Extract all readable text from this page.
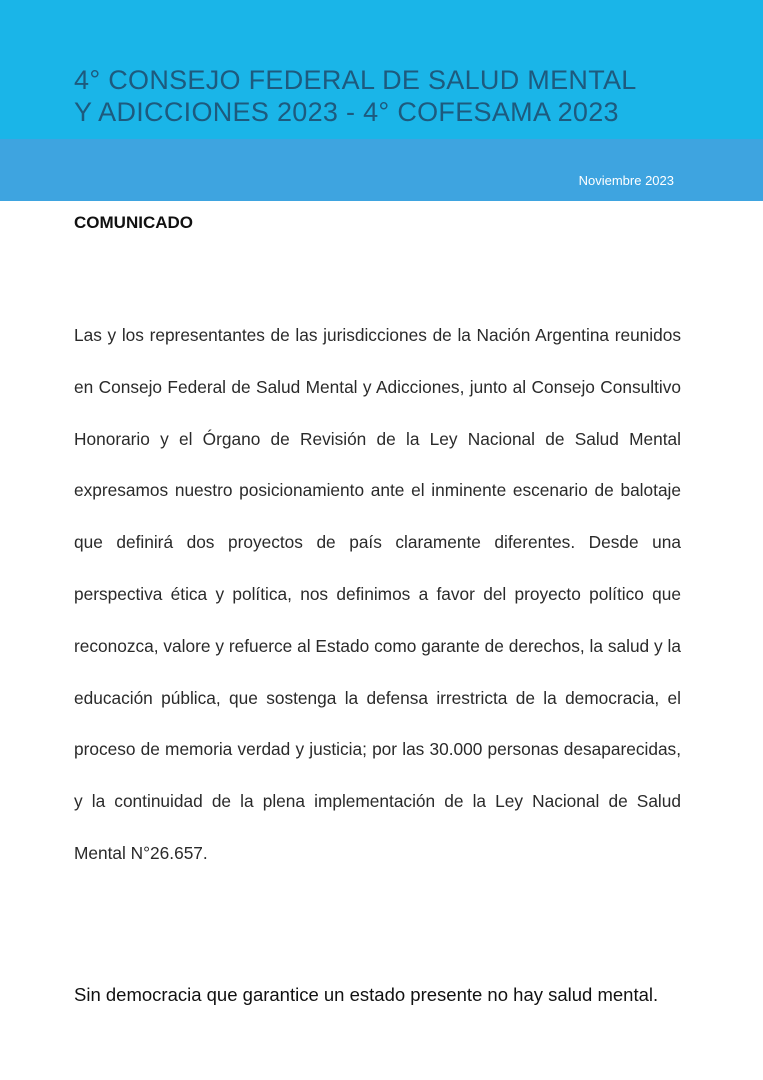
4° CONSEJO FEDERAL DE SALUD MENTAL
Y ADICCIONES 2023 - 4° COFESAMA 2023
Noviembre 2023

COMUNICADO

Las y los representantes de las jurisdicciones de la Nación Argentina reunidos en Consejo Federal de Salud Mental y Adicciones, junto al Consejo Consultivo Honorario y el Órgano de Revisión de la Ley Nacional de Salud Mental expresamos nuestro posicionamiento ante el inminente escenario de balotaje que definirá dos proyectos de país claramente diferentes. Desde una perspectiva ética y política, nos definimos a favor del proyecto político que reconozca, valore y refuerce al Estado como garante de derechos, la salud y la educación pública, que sostenga la defensa irrestricta de la democracia, el proceso de memoria verdad y justicia; por las 30.000 personas desaparecidas, y la continuidad de la plena implementación de la Ley Nacional de Salud Mental N°26.657.

Sin democracia que garantice un estado presente no hay salud mental.
